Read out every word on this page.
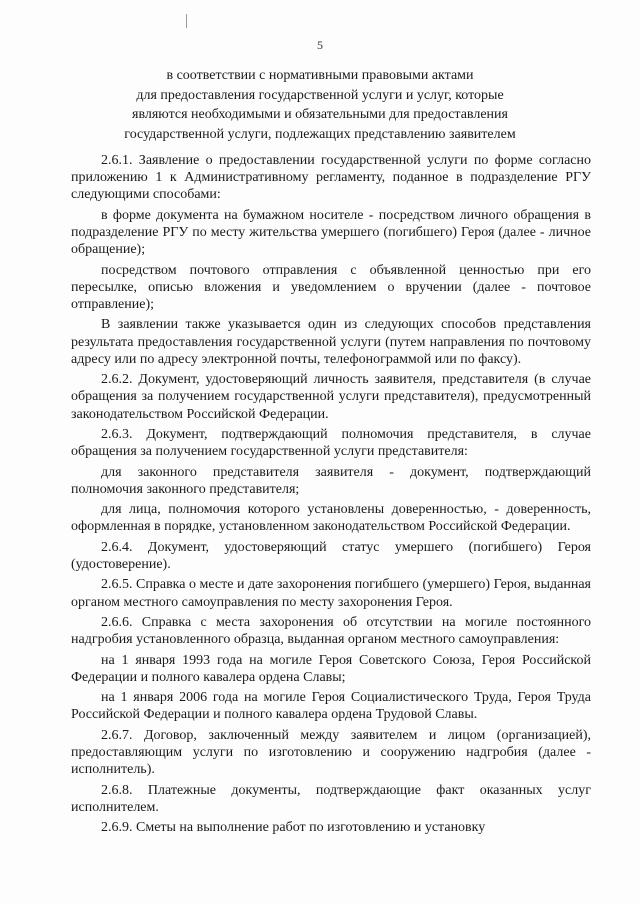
5
в соответствии с нормативными правовыми актами
для предоставления государственной услуги и услуг, которые
являются необходимыми и обязательными для предоставления
государственной услуги, подлежащих представлению заявителем

2.6.1. Заявление о предоставлении государственной услуги по форме согласно приложению 1 к Административному регламенту, поданное в подразделение РГУ следующими способами:

в форме документа на бумажном носителе - посредством личного обращения в подразделение РГУ по месту жительства умершего (погибшего) Героя (далее - личное обращение);

посредством почтового отправления с объявленной ценностью при его пересылке, описью вложения и уведомлением о вручении (далее - почтовое отправление);

В заявлении также указывается один из следующих способов представления результата предоставления государственной услуги (путем направления по почтовому адресу или по адресу электронной почты, телефонограммой или по факсу).

2.6.2. Документ, удостоверяющий личность заявителя, представителя (в случае обращения за получением государственной услуги представителя), предусмотренный законодательством Российской Федерации.

2.6.3. Документ, подтверждающий полномочия представителя, в случае обращения за получением государственной услуги представителя:

для законного представителя заявителя - документ, подтверждающий полномочия законного представителя;

для лица, полномочия которого установлены доверенностью, - доверенность, оформленная в порядке, установленном законодательством Российской Федерации.

2.6.4. Документ, удостоверяющий статус умершего (погибшего) Героя (удостоверение).

2.6.5. Справка о месте и дате захоронения погибшего (умершего) Героя, выданная органом местного самоуправления по месту захоронения Героя.

2.6.6. Справка с места захоронения об отсутствии на могиле постоянного надгробия установленного образца, выданная органом местного самоуправления:

на 1 января 1993 года на могиле Героя Советского Союза, Героя Российской Федерации и полного кавалера ордена Славы;

на 1 января 2006 года на могиле Героя Социалистического Труда, Героя Труда Российской Федерации и полного кавалера ордена Трудовой Славы.

2.6.7. Договор, заключенный между заявителем и лицом (организацией), предоставляющим услуги по изготовлению и сооружению надгробия (далее - исполнитель).

2.6.8. Платежные документы, подтверждающие факт оказанных услуг исполнителем.

2.6.9. Сметы на выполнение работ по изготовлению и установку
